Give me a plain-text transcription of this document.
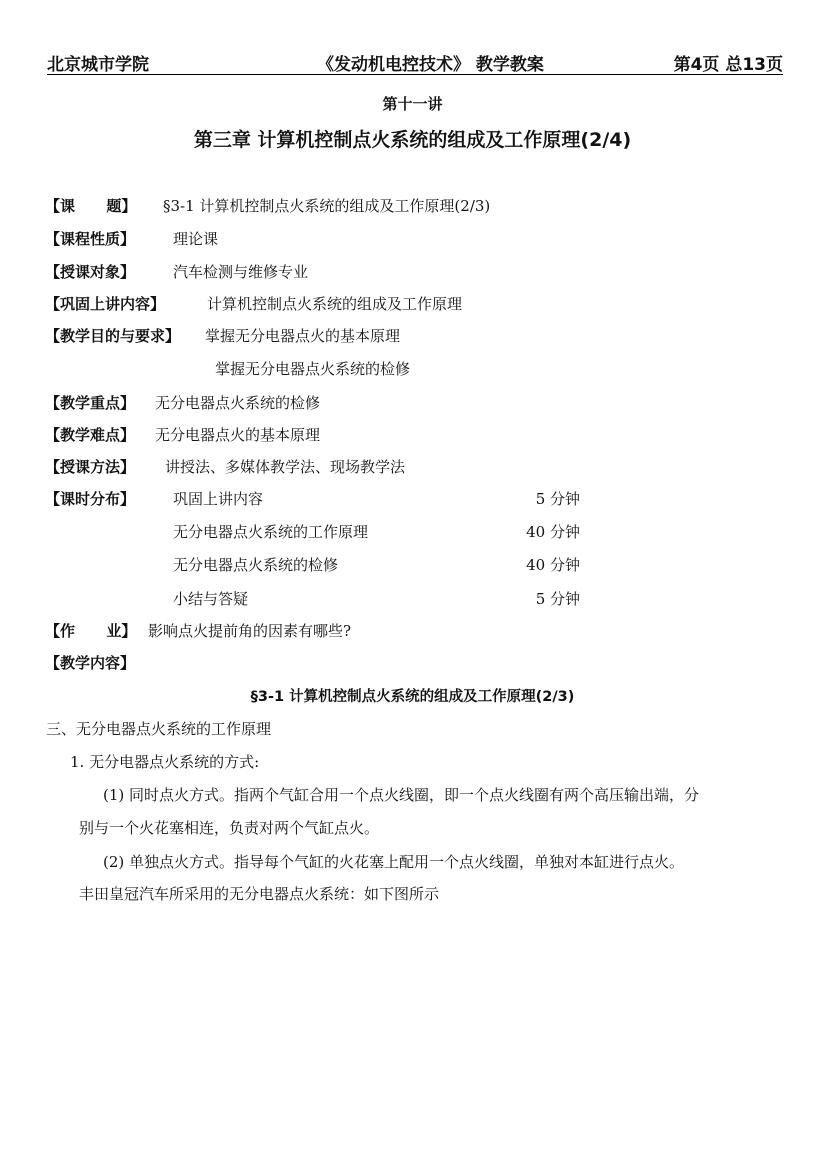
北京城市学院	《发动机电控技术》 教学教案	第4页 总13页
第十一讲
第三章 计算机控制点火系统的组成及工作原理(2/4)
【课      题】 §3-1 计算机控制点火系统的组成及工作原理(2/3)
【课程性质】	理论课
【授课对象】	汽车检测与维修专业
【巩固上讲内容】	计算机控制点火系统的组成及工作原理
【教学目的与要求】 掌握无分电器点火的基本原理
掌握无分电器点火系统的检修
【教学重点】 无分电器点火系统的检修
【教学难点】 无分电器点火的基本原理
【授课方法】 讲授法、多媒体教学法、现场教学法
【课时分布】	巩固上讲内容	5 分钟
无分电器点火系统的工作原理	40 分钟
无分电器点火系统的检修	40 分钟
小结与答疑	5 分钟
【作      业】 影响点火提前角的因素有哪些?
【教学内容】
§3-1 计算机控制点火系统的组成及工作原理(2/3)
三、无分电器点火系统的工作原理
1. 无分电器点火系统的方式:
(1) 同时点火方式。指两个气缸合用一个点火线圈，即一个点火线圈有两个高压输出端，分
别与一个火花塞相连，负责对两个气缸点火。
(2) 单独点火方式。指导每个气缸的火花塞上配用一个点火线圈，单独对本缸进行点火。
丰田皇冠汽车所采用的无分电器点火系统：如下图所示
